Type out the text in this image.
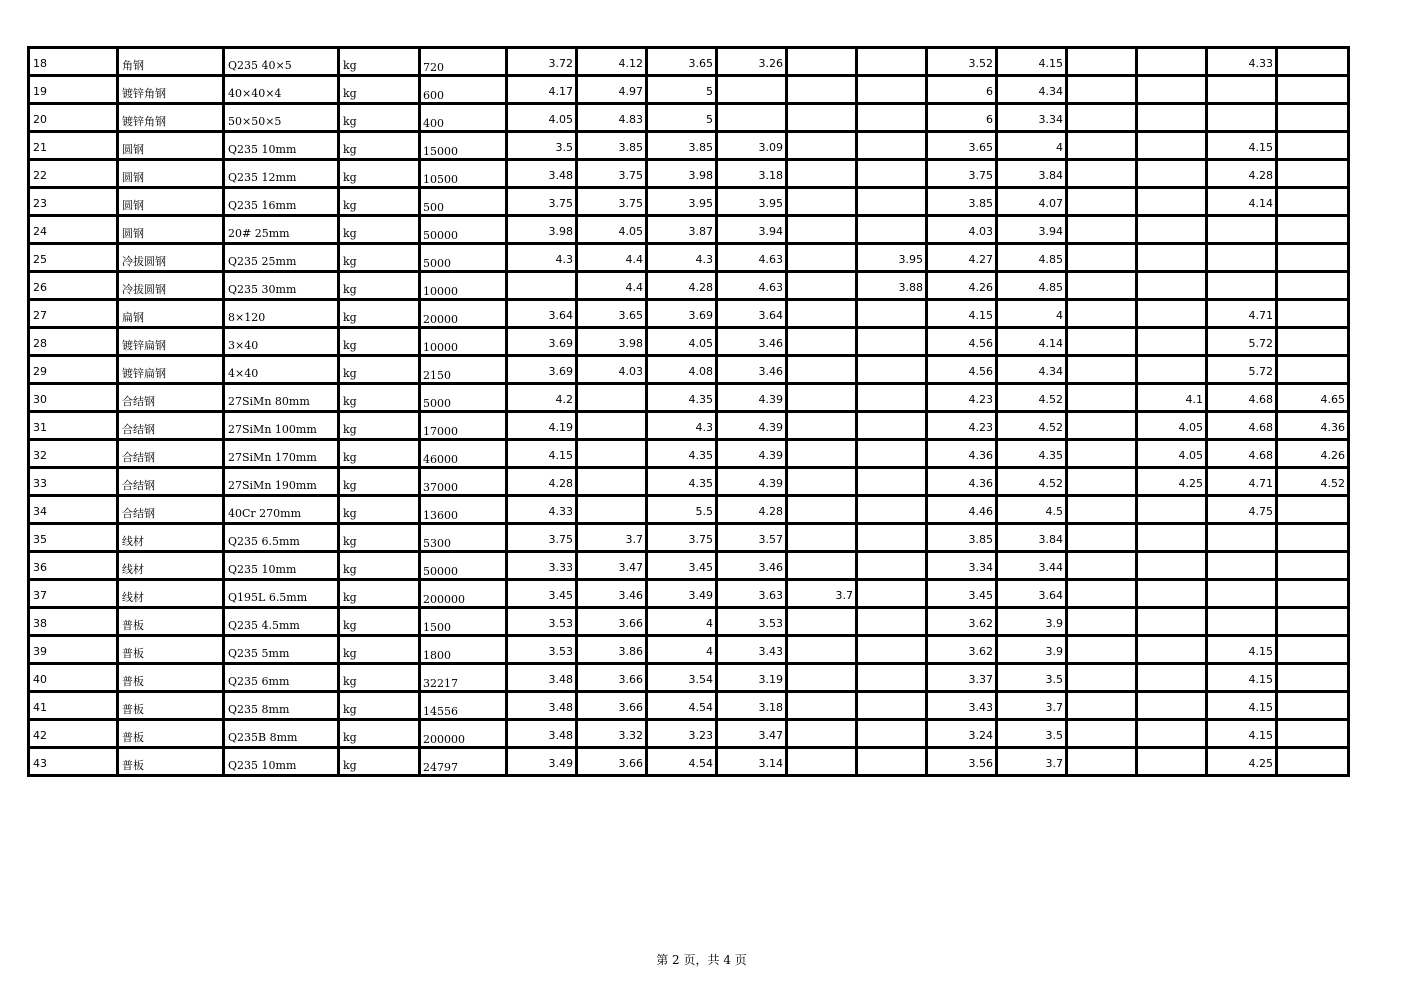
18	角钢	Q235 40×5	kg	720	3.72	4.12	3.65	3.26			3.52	4.15			4.33	
19	镀锌角钢	40×40×4	kg	600	4.17	4.97	5				6	4.34				
20	镀锌角钢	50×50×5	kg	400	4.05	4.83	5				6	3.34				
21	圆钢	Q235 10mm	kg	15000	3.5	3.85	3.85	3.09			3.65	4			4.15	
22	圆钢	Q235 12mm	kg	10500	3.48	3.75	3.98	3.18			3.75	3.84			4.28	
23	圆钢	Q235 16mm	kg	500	3.75	3.75	3.95	3.95			3.85	4.07			4.14	
24	圆钢	20# 25mm	kg	50000	3.98	4.05	3.87	3.94			4.03	3.94				
25	冷拔圆钢	Q235 25mm	kg	5000	4.3	4.4	4.3	4.63		3.95	4.27	4.85				
26	冷拔圆钢	Q235 30mm	kg	10000		4.4	4.28	4.63		3.88	4.26	4.85				
27	扁钢	8×120	kg	20000	3.64	3.65	3.69	3.64			4.15	4			4.71	
28	镀锌扁钢	3×40	kg	10000	3.69	3.98	4.05	3.46			4.56	4.14			5.72	
29	镀锌扁钢	4×40	kg	2150	3.69	4.03	4.08	3.46			4.56	4.34			5.72	
30	合结钢	27SiMn 80mm	kg	5000	4.2		4.35	4.39			4.23	4.52		4.1	4.68	4.65
31	合结钢	27SiMn 100mm	kg	17000	4.19		4.3	4.39			4.23	4.52		4.05	4.68	4.36
32	合结钢	27SiMn 170mm	kg	46000	4.15		4.35	4.39			4.36	4.35		4.05	4.68	4.26
33	合结钢	27SiMn 190mm	kg	37000	4.28		4.35	4.39			4.36	4.52		4.25	4.71	4.52
34	合结钢	40Cr 270mm	kg	13600	4.33		5.5	4.28			4.46	4.5			4.75	
35	线材	Q235 6.5mm	kg	5300	3.75	3.7	3.75	3.57			3.85	3.84				
36	线材	Q235 10mm	kg	50000	3.33	3.47	3.45	3.46			3.34	3.44				
37	线材	Q195L 6.5mm	kg	200000	3.45	3.46	3.49	3.63	3.7		3.45	3.64				
38	普板	Q235 4.5mm	kg	1500	3.53	3.66	4	3.53			3.62	3.9				
39	普板	Q235 5mm	kg	1800	3.53	3.86	4	3.43			3.62	3.9			4.15	
40	普板	Q235 6mm	kg	32217	3.48	3.66	3.54	3.19			3.37	3.5			4.15	
41	普板	Q235 8mm	kg	14556	3.48	3.66	4.54	3.18			3.43	3.7			4.15	
42	普板	Q235B 8mm	kg	200000	3.48	3.32	3.23	3.47			3.24	3.5			4.15	
43	普板	Q235 10mm	kg	24797	3.49	3.66	4.54	3.14			3.56	3.7			4.25	
第 2 页，共 4 页
